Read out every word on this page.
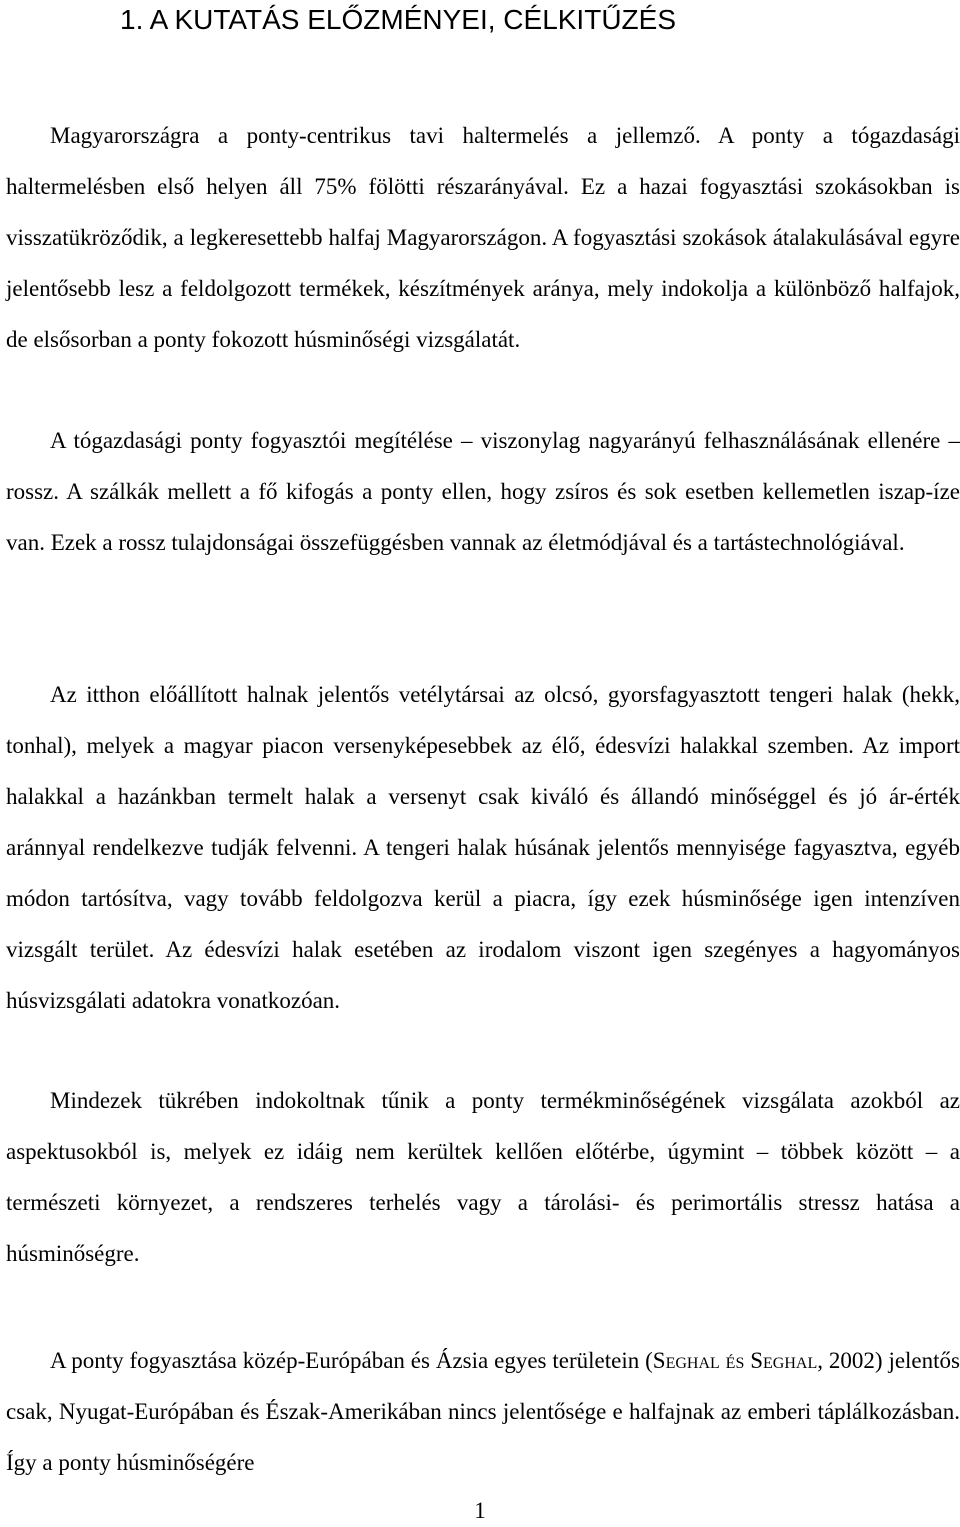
1. A KUTATÁS ELŐZMÉNYEI, CÉLKITŰZÉS

Magyarországra a ponty-centrikus tavi haltermelés a jellemző. A ponty a tógazdasági haltermelésben első helyen áll 75% fölötti részarányával. Ez a hazai fogyasztási szokásokban is visszatükröződik, a legkeresettebb halfaj Magyarországon. A fogyasztási szokások átalakulásával egyre jelentősebb lesz a feldolgozott termékek, készítmények aránya, mely indokolja a különböző halfajok, de elsősorban a ponty fokozott húsminőségi vizsgálatát.

A tógazdasági ponty fogyasztói megítélése – viszonylag nagyarányú felhasználásának ellenére – rossz. A szálkák mellett a fő kifogás a ponty ellen, hogy zsíros és sok esetben kellemetlen iszap-íze van. Ezek a rossz tulajdonságai összefüggésben vannak az életmódjával és a tartástechnológiával.

Az itthon előállított halnak jelentős vetélytársai az olcsó, gyorsfagyasztott tengeri halak (hekk, tonhal), melyek a magyar piacon versenyképesebbek az élő, édesvízi halakkal szemben. Az import halakkal a hazánkban termelt halak a versenyt csak kiváló és állandó minőséggel és jó ár-érték aránnyal rendelkezve tudják felvenni. A tengeri halak húsának jelentős mennyisége fagyasztva, egyéb módon tartósítva, vagy tovább feldolgozva kerül a piacra, így ezek húsminősége igen intenzíven vizsgált terület. Az édesvízi halak esetében az irodalom viszont igen szegényes a hagyományos húsvizsgálati adatokra vonatkozóan.

Mindezek tükrében indokoltnak tűnik a ponty termékminőségének vizsgálata azokból az aspektusokból is, melyek ez idáig nem kerültek kellően előtérbe, úgymint – többek között – a természeti környezet, a rendszeres terhelés vagy a tárolási- és perimortális stressz hatása a húsminőségre.

A ponty fogyasztása közép-Európában és Ázsia egyes területein (Seghal és Seghal, 2002) jelentős csak, Nyugat-Európában és Észak-Amerikában nincs jelentősége e halfajnak az emberi táplálkozásban. Így a ponty húsminőségére

1
